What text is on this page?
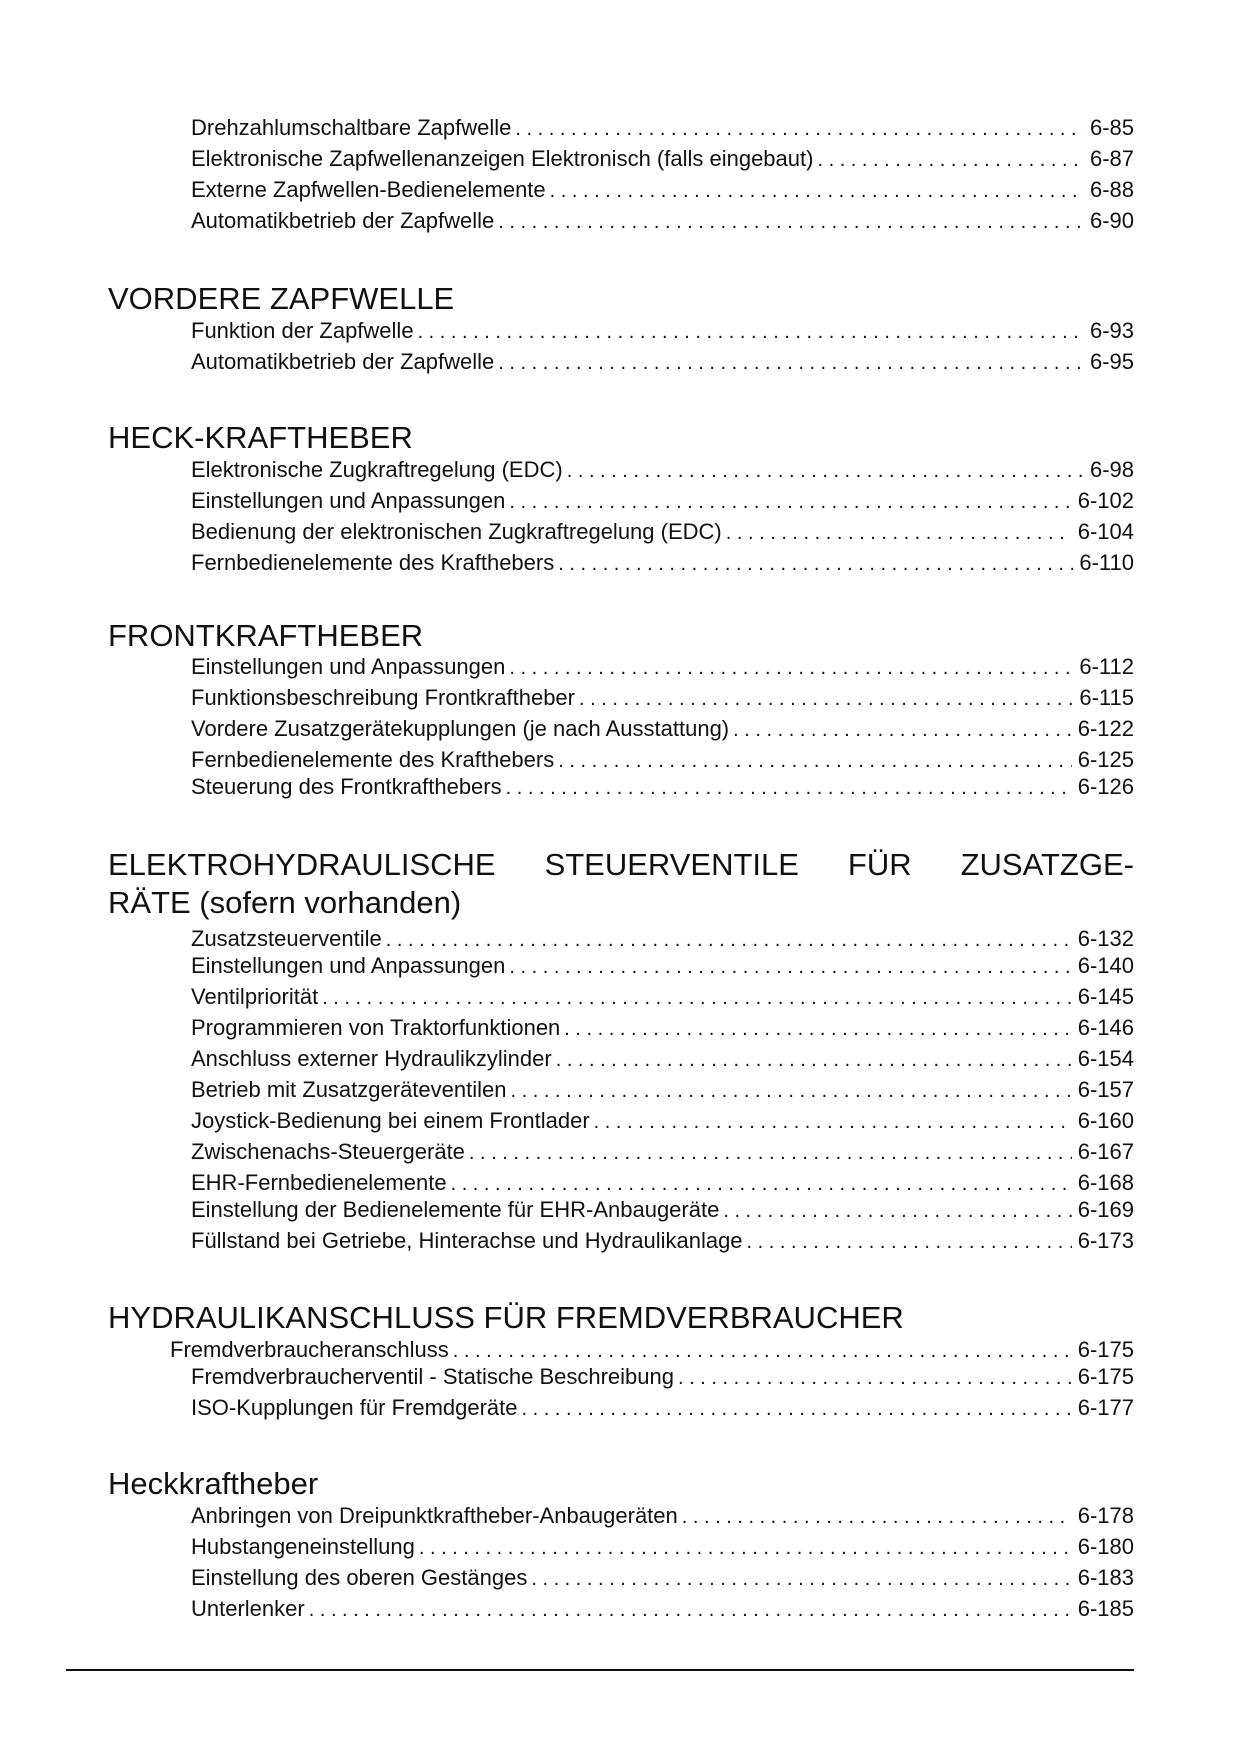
Drehzahlumschaltbare Zapfwelle . . .	6-85
Elektronische Zapfwellenanzeigen Elektronisch (falls eingebaut) . . .	6-87
Externe Zapfwellen-Bedienelemente . . .	6-88
Automatikbetrieb der Zapfwelle . . .	6-90
VORDERE ZAPFWELLE
Funktion der Zapfwelle . . .	6-93
Automatikbetrieb der Zapfwelle . . .	6-95
HECK-KRAFTHEBER
Elektronische Zugkraftregelung (EDC) . . .	6-98
Einstellungen und Anpassungen . . .	6-102
Bedienung der elektronischen Zugkraftregelung (EDC) . . .	6-104
Fernbedienelemente des Krafthebers . . .	6-110
FRONTKRAFTHEBER
Einstellungen und Anpassungen . . .	6-112
Funktionsbeschreibung Frontkraftheber . . .	6-115
Vordere Zusatzgerätekupplungen (je nach Ausstattung) . . .	6-122
Fernbedienelemente des Krafthebers . . .	6-125
Steuerung des Frontkrafthebers . . .	6-126
ELEKTROHYDRAULISCHE STEUERVENTILE FÜR ZUSATZGE-
RÄTE (sofern vorhanden)
Zusatzsteuerventile . . .	6-132
Einstellungen und Anpassungen . . .	6-140
Ventilpriorität . . .	6-145
Programmieren von Traktorfunktionen . . .	6-146
Anschluss externer Hydraulikzylinder . . .	6-154
Betrieb mit Zusatzgeräteventilen . . .	6-157
Joystick-Bedienung bei einem Frontlader . . .	6-160
Zwischenachs-Steuergeräte . . .	6-167
EHR-Fernbedienelemente . . .	6-168
Einstellung der Bedienelemente für EHR-Anbaugeräte . . .	6-169
Füllstand bei Getriebe, Hinterachse und Hydraulikanlage . . .	6-173
HYDRAULIKANSCHLUSS FÜR FREMDVERBRAUCHER
Fremdverbraucheranschluss . . .	6-175
Fremdverbraucherventil - Statische Beschreibung . . .	6-175
ISO-Kupplungen für Fremdgeräte . . .	6-177
Heckkraftheber
Anbringen von Dreipunktkraftheber-Anbaugeräten . . .	6-178
Hubstangeneinstellung . . .	6-180
Einstellung des oberen Gestänges . . .	6-183
Unterlenker . . .	6-185
